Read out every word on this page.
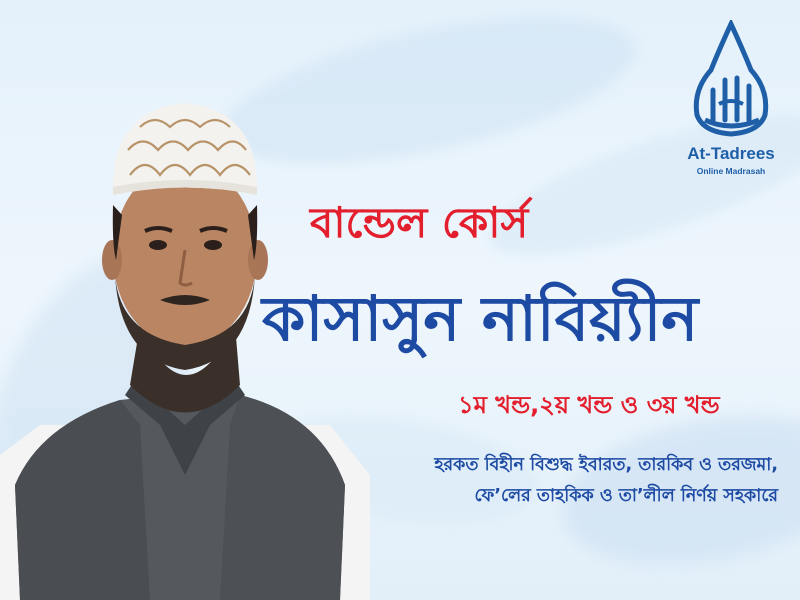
At-Tadrees
Online Madrasah
বান্ডেল কোর্স
কাসাসুন নাবিয়্যীন
১ম খন্ড,২য় খন্ড ও ৩য় খন্ড
হরকত বিহীন বিশুদ্ধ ইবারত, তারকিব ও তরজমা,
ফে’লের তাহকিক ও তা’লীল নির্ণয় সহকারে
